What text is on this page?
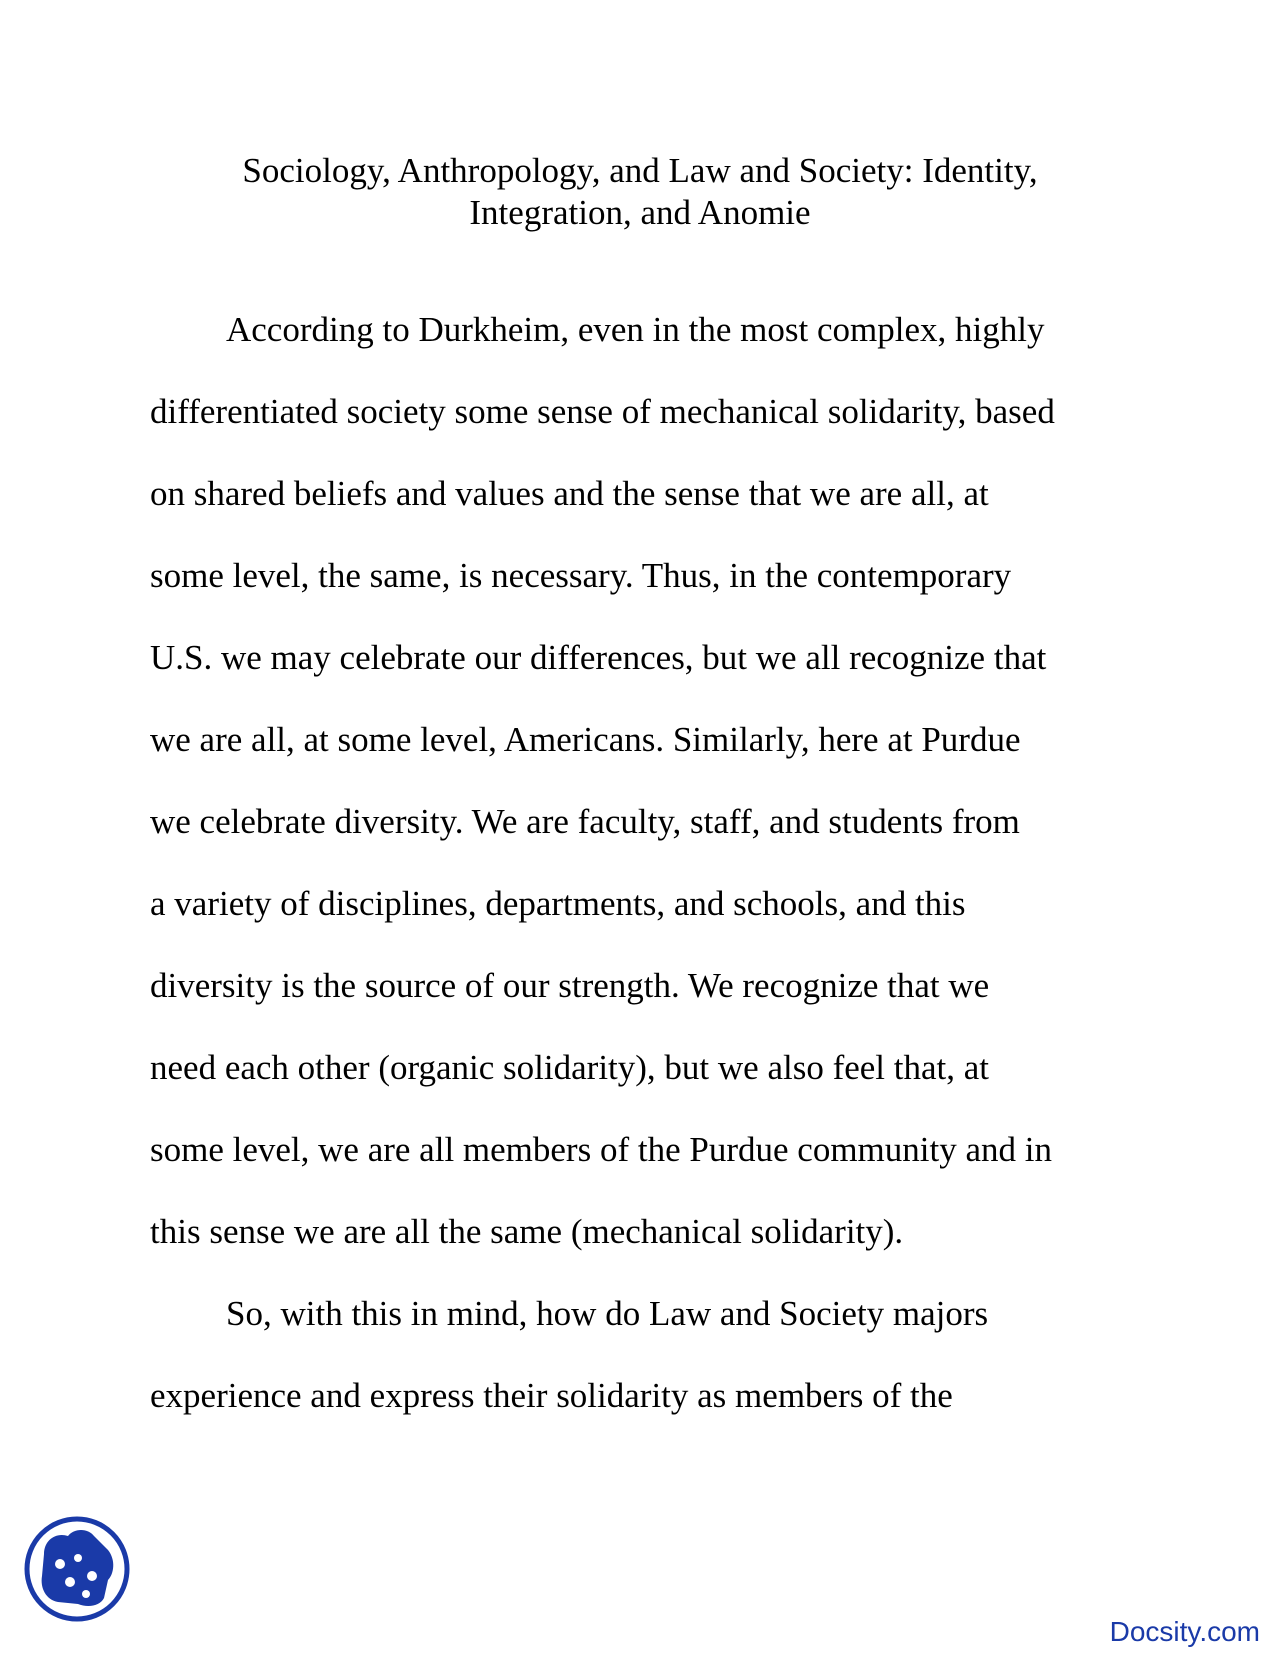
Sociology, Anthropology, and Law and Society: Identity,
Integration, and Anomie
According to Durkheim, even in the most complex, highly
differentiated society some sense of mechanical solidarity, based
on shared beliefs and values and the sense that we are all, at
some level, the same, is necessary. Thus, in the contemporary
U.S. we may celebrate our differences, but we all recognize that
we are all, at some level, Americans. Similarly, here at Purdue
we celebrate diversity. We are faculty, staff, and students from
a variety of disciplines, departments, and schools, and this
diversity is the source of our strength. We recognize that we
need each other (organic solidarity), but we also feel that, at
some level, we are all members of the Purdue community and in
this sense we are all the same (mechanical solidarity).
So, with this in mind, how do Law and Society majors
experience and express their solidarity as members of the
Docsity.com
